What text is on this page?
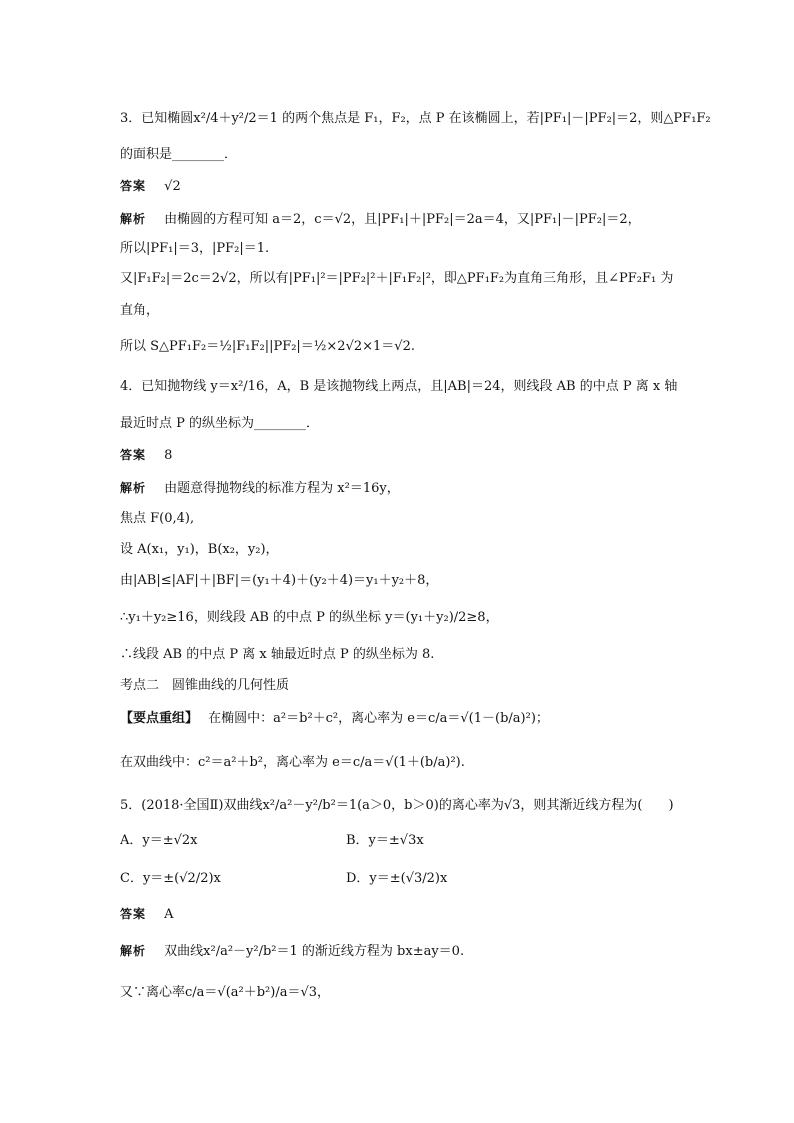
3．已知椭圆x²/4＋y²/2＝1 的两个焦点是 F₁，F₂，点 P 在该椭圆上，若|PF₁|－|PF₂|＝2，则△PF₁F₂
的面积是________．
答案 √2
解析 由椭圆的方程可知 a＝2，c＝√2，且|PF₁|＋|PF₂|＝2a＝4，又|PF₁|－|PF₂|＝2，
所以|PF₁|＝3，|PF₂|＝1.
又|F₁F₂|＝2c＝2√2，所以有|PF₁|²＝|PF₂|²＋|F₁F₂|²，即△PF₁F₂为直角三角形，且∠PF₂F₁ 为
直角，
所以 S△PF₁F₂＝½|F₁F₂||PF₂|＝½×2√2×1＝√2.
4．已知抛物线 y＝x²/16，A，B 是该抛物线上两点，且|AB|＝24，则线段 AB 的中点 P 离 x 轴
最近时点 P 的纵坐标为________．
答案 8
解析 由题意得抛物线的标准方程为 x²＝16y，
焦点 F(0,4),
设 A(x₁，y₁)，B(x₂，y₂)，
由|AB|≤|AF|＋|BF|＝(y₁＋4)＋(y₂＋4)＝y₁＋y₂＋8，
∴y₁＋y₂≥16，则线段 AB 的中点 P 的纵坐标 y＝(y₁＋y₂)/2≥8，
∴线段 AB 的中点 P 离 x 轴最近时点 P 的纵坐标为 8.
考点二　圆锥曲线的几何性质
【要点重组】 在椭圆中：a²＝b²＋c²，离心率为 e＝c/a＝√(1－(b/a)²)；
在双曲线中：c²＝a²＋b²，离心率为 e＝c/a＝√(1＋(b/a)²).
5．(2018·全国Ⅱ)双曲线x²/a²－y²/b²＝1(a＞0，b＞0)的离心率为√3，则其渐近线方程为(　　)
A．y＝±√2x	B．y＝±√3x
C．y＝±(√2/2)x	D．y＝±(√3/2)x
答案 A
解析 双曲线x²/a²－y²/b²＝1 的渐近线方程为 bx±ay＝0.
又∵离心率c/a＝√(a²＋b²)/a＝√3，
